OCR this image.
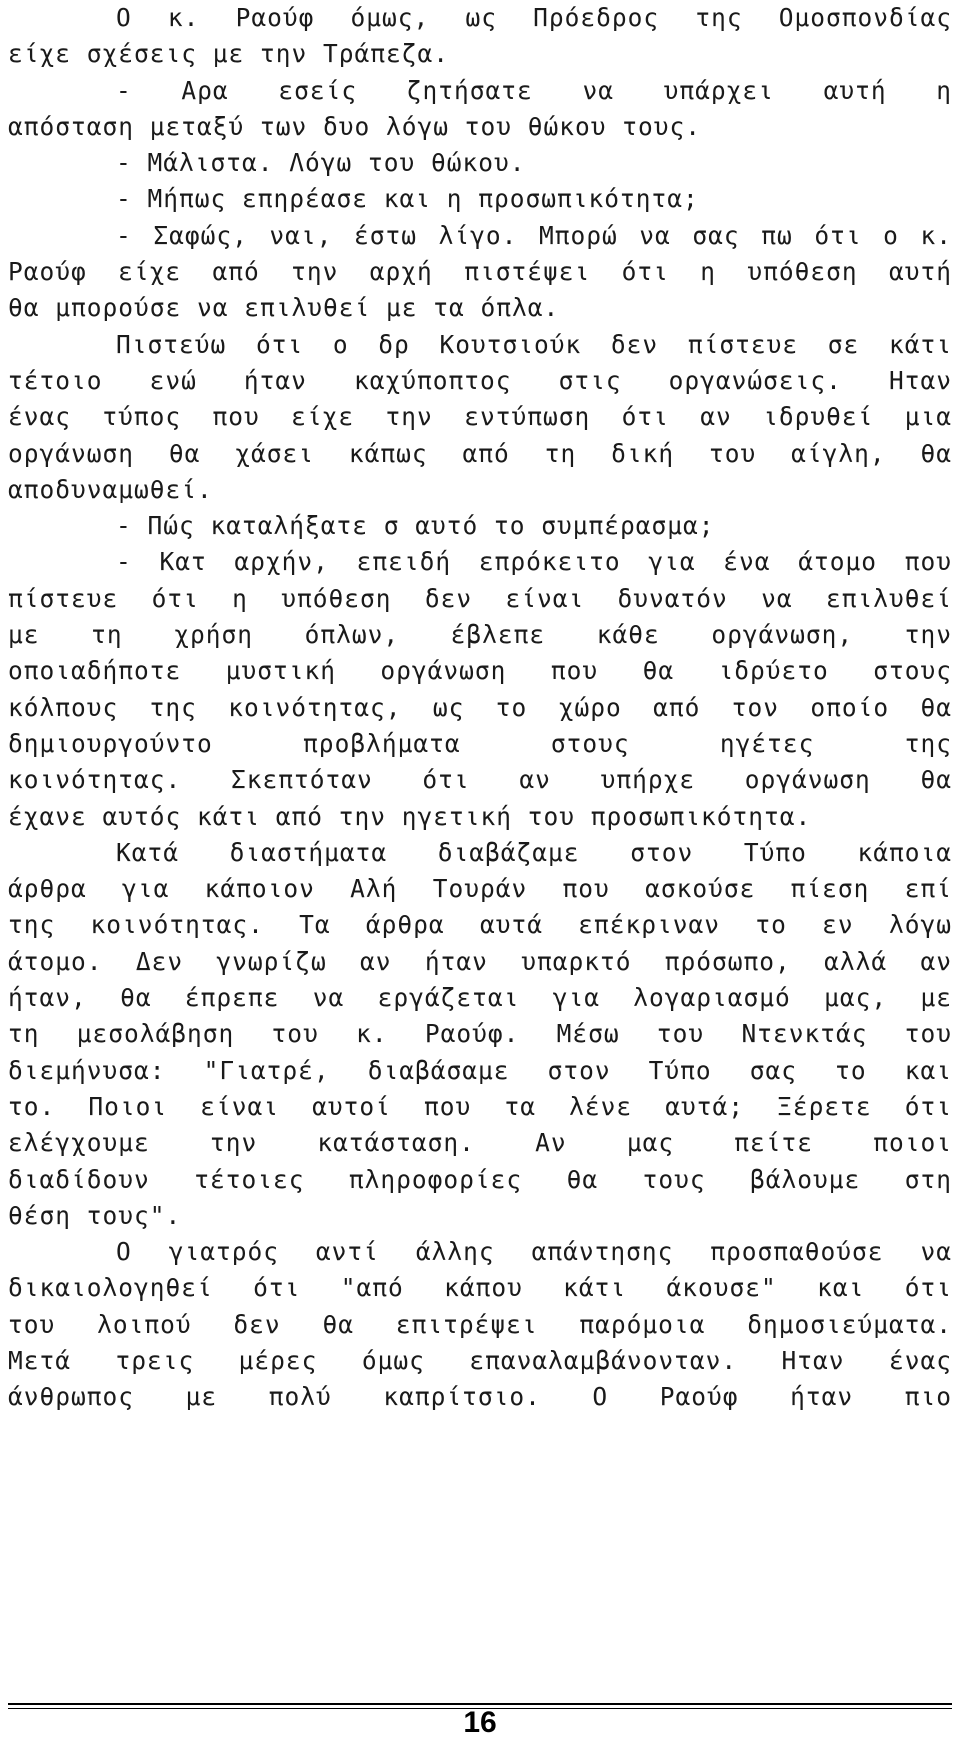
Ο κ. Ραούφ όμως, ως Πρόεδρος της Ομοσπονδίας
είχε σχέσεις με την Τράπεζα.
- Αρα εσείς ζητήσατε να υπάρχει αυτή η
απόσταση μεταξύ των δυο λόγω του θώκου τους.
- Μάλιστα. Λόγω του θώκου.
- Μήπως επηρέασε και η προσωπικότητα;
- Σαφώς, ναι, έστω λίγο. Μπορώ να σας πω ότι ο κ.
Ραούφ είχε από την αρχή πιστέψει ότι η υπόθεση αυτή
θα μπορούσε να επιλυθεί με τα όπλα.
Πιστεύω ότι ο δρ Κουτσιούκ δεν πίστευε σε κάτι
τέτοιο ενώ ήταν καχύποπτος στις οργανώσεις. Ηταν
ένας τύπος που είχε την εντύπωση ότι αν ιδρυθεί μια
οργάνωση θα χάσει κάπως από τη δική του αίγλη, θα
αποδυναμωθεί.
- Πώς καταλήξατε σ αυτό το συμπέρασμα;
- Κατ αρχήν, επειδή επρόκειτο για ένα άτομο που
πίστευε ότι η υπόθεση δεν είναι δυνατόν να επιλυθεί
με τη χρήση όπλων, έβλεπε κάθε οργάνωση, την
οποιαδήποτε μυστική οργάνωση που θα ιδρύετο στους
κόλπους της κοινότητας, ως το χώρο από τον οποίο θα
δημιουργούντο προβλήματα στους ηγέτες της
κοινότητας. Σκεπτόταν ότι αν υπήρχε οργάνωση θα
έχανε αυτός κάτι από την ηγετική του προσωπικότητα.
Κατά διαστήματα διαβάζαμε στον Τύπο κάποια
άρθρα για κάποιον Αλή Τουράν που ασκούσε πίεση επί
της κοινότητας. Τα άρθρα αυτά επέκριναν το εν λόγω
άτομο. Δεν γνωρίζω αν ήταν υπαρκτό πρόσωπο, αλλά αν
ήταν, θα έπρεπε να εργάζεται για λογαριασμό μας, με
τη μεσολάβηση του κ. Ραούφ. Μέσω του Ντενκτάς του
διεμήνυσα: "Γιατρέ, διαβάσαμε στον Τύπο σας το και
το. Ποιοι είναι αυτοί που τα λένε αυτά; Ξέρετε ότι
ελέγχουμε την κατάσταση. Αν μας πείτε ποιοι
διαδίδουν τέτοιες πληροφορίες θα τους βάλουμε στη
θέση τους".
Ο γιατρός αντί άλλης απάντησης προσπαθούσε να
δικαιολογηθεί ότι "από κάπου κάτι άκουσε" και ότι
του λοιπού δεν θα επιτρέψει παρόμοια δημοσιεύματα.
Μετά τρεις μέρες όμως επαναλαμβάνονταν. Ηταν ένας
άνθρωπος με πολύ καπρίτσιο. Ο Ραούφ ήταν πιο
16
